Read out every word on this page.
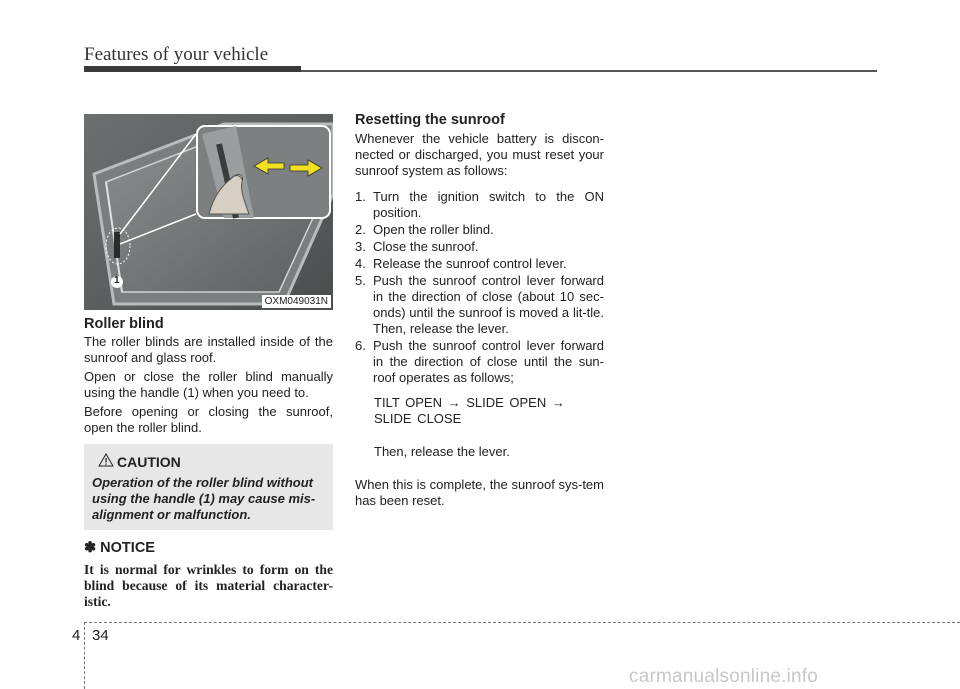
Features of your vehicle
1
OXM049031N
Roller blind

The roller blinds are installed inside of the sunroof and glass roof.

Open or close the roller blind manually using the handle (1) when you need to.

Before opening or closing the sunroof, open the roller blind.

CAUTION
Operation of the roller blind without using the handle (1) may cause mis-alignment or malfunction.
✽ NOTICE

It is normal for wrinkles to form on the blind because of its material character-istic.

Resetting the sunroof

Whenever the vehicle battery is discon-nected or discharged, you must reset your sunroof system as follows:

1. Turn the ignition switch to the ON position.
2. Open the roller blind.
3. Close the sunroof.
4. Release the sunroof control lever.
5. Push the sunroof control lever forward in the direction of close (about 10 sec-onds) until the sunroof is moved a lit-tle. Then, release the lever.
6. Push the sunroof control lever forward in the direction of close until the sun-roof operates as follows;

TILT OPEN → SLIDE OPEN → SLIDE CLOSE

Then, release the lever.

When this is complete, the sunroof sys-tem has been reset.

4 34
carmanualsonline.info
